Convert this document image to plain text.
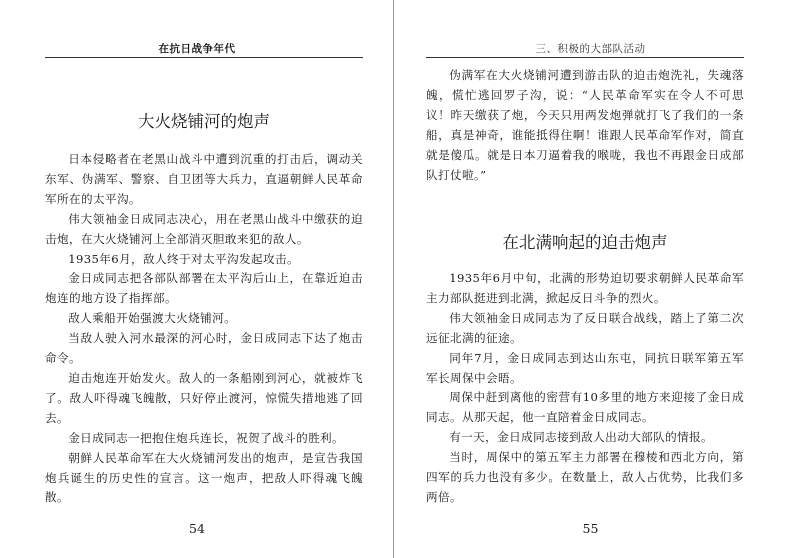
在抗日战争年代
大火烧铺河的炮声

日本侵略者在老黑山战斗中遭到沉重的打击后，调动关东军、伪满军、警察、自卫团等大兵力，直逼朝鲜人民革命军所在的太平沟。

伟大领袖金日成同志决心，用在老黑山战斗中缴获的迫击炮，在大火烧铺河上全部消灭胆敢来犯的敌人。

1935年6月，敌人终于对太平沟发起攻击。

金日成同志把各部队部署在太平沟后山上，在靠近迫击炮连的地方设了指挥部。

敌人乘船开始强渡大火烧铺河。

当敌人驶入河水最深的河心时，金日成同志下达了炮击命令。

迫击炮连开始发火。敌人的一条船刚到河心，就被炸飞了。敌人吓得魂飞魄散，只好停止渡河，惊慌失措地逃了回去。

金日成同志一把抱住炮兵连长，祝贺了战斗的胜利。

朝鲜人民革命军在大火烧铺河发出的炮声，是宣告我国炮兵诞生的历史性的宣言。这一炮声，把敌人吓得魂飞魄散。

54
三、积极的大部队活动

伪满军在大火烧铺河遭到游击队的迫击炮洗礼，失魂落魄，慌忙逃回罗子沟，说：“人民革命军实在令人不可思议！昨天缴获了炮，今天只用两发炮弹就打飞了我们的一条船，真是神奇，谁能抵得住啊！谁跟人民革命军作对，简直就是傻瓜。就是日本刀逼着我的喉咙，我也不再跟金日成部队打仗啦。”

在北满响起的迫击炮声

1935年6月中旬，北满的形势迫切要求朝鲜人民革命军主力部队挺进到北满，掀起反日斗争的烈火。

伟大领袖金日成同志为了反日联合战线，踏上了第二次远征北满的征途。

同年7月，金日成同志到达山东屯，同抗日联军第五军军长周保中会晤。

周保中赶到离他的密营有10多里的地方来迎接了金日成同志。从那天起，他一直陪着金日成同志。

有一天，金日成同志接到敌人出动大部队的情报。

当时，周保中的第五军主力部署在穆棱和西北方向，第四军的兵力也没有多少。在数量上，敌人占优势，比我们多两倍。

55
